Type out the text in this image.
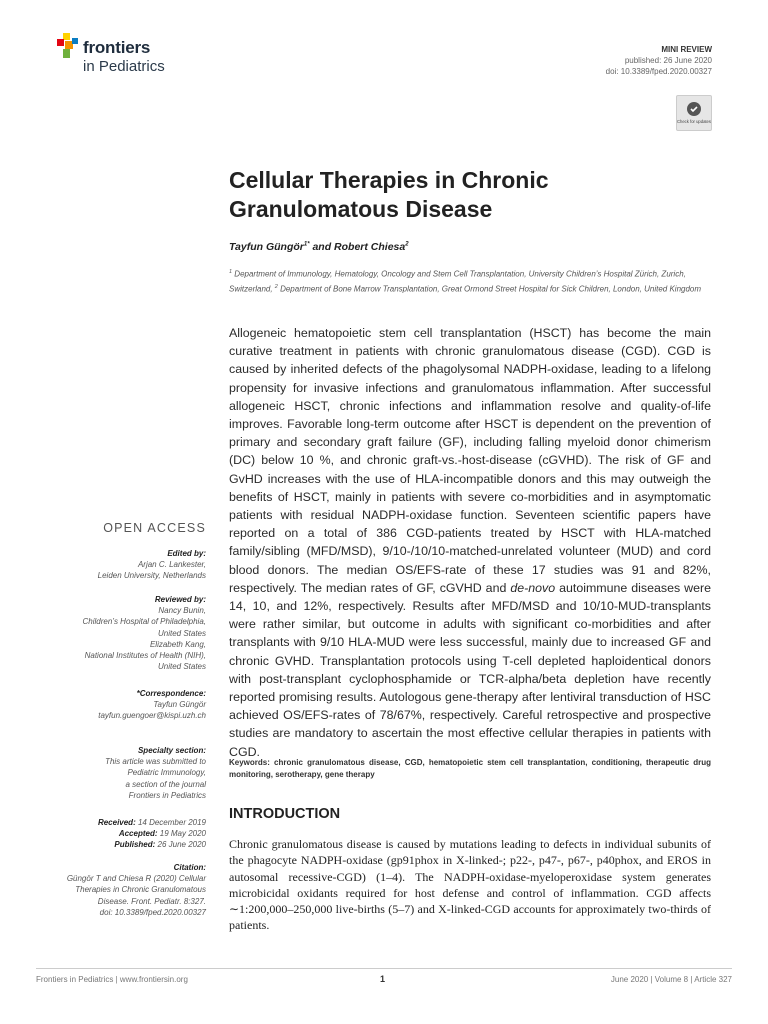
frontiers
in Pediatrics
MINI REVIEW
published: 26 June 2020
doi: 10.3389/fped.2020.00327
Check for updates
Cellular Therapies in Chronic Granulomatous Disease
Tayfun Güngör$^{1*}$ and Robert Chiesa$^2$
$^1$ Department of Immunology, Hematology, Oncology and Stem Cell Transplantation, University Children’s Hospital Zürich, Zurich, Switzerland, $^2$ Department of Bone Marrow Transplantation, Great Ormond Street Hospital for Sick Children, London, United Kingdom
Allogeneic hematopoietic stem cell transplantation (HSCT) has become the main curative treatment in patients with chronic granulomatous disease (CGD). CGD is caused by inherited defects of the phagolysomal NADPH-oxidase, leading to a lifelong propensity for invasive infections and granulomatous inflammation. After successful allogeneic HSCT, chronic infections and inflammation resolve and quality-of-life improves. Favorable long-term outcome after HSCT is dependent on the prevention of primary and secondary graft failure (GF), including falling myeloid donor chimerism (DC) below 10 %, and chronic graft-vs.-host-disease (cGVHD). The risk of GF and GvHD increases with the use of HLA-incompatible donors and this may outweigh the benefits of HSCT, mainly in patients with severe co-morbidities and in asymptomatic patients with residual NADPH-oxidase function. Seventeen scientific papers have reported on a total of 386 CGD-patients treated by HSCT with HLA-matched family/sibling (MFD/MSD), 9/10-/10/10-matched-unrelated volunteer (MUD) and cord blood donors. The median OS/EFS-rate of these 17 studies was 91 and 82%, respectively. The median rates of GF, cGVHD and de-novo autoimmune diseases were 14, 10, and 12%, respectively. Results after MFD/MSD and 10/10-MUD-transplants were rather similar, but outcome in adults with significant co-morbidities and after transplants with 9/10 HLA-MUD were less successful, mainly due to increased GF and chronic GVHD. Transplantation protocols using T-cell depleted haploidentical donors with post-transplant cyclophosphamide or TCR-alpha/beta depletion have recently reported promising results. Autologous gene-therapy after lentiviral transduction of HSC achieved OS/EFS-rates of 78/67%, respectively. Careful retrospective and prospective studies are mandatory to ascertain the most effective cellular therapies in patients with CGD.
Keywords: chronic granulomatous disease, CGD, hematopoietic stem cell transplantation, conditioning, therapeutic drug monitoring, serotherapy, gene therapy
INTRODUCTION
Chronic granulomatous disease is caused by mutations leading to defects in individual subunits of the phagocyte NADPH-oxidase (gp91phox in X-linked-; p22-, p47-, p67-, p40phox, and EROS in autosomal recessive-CGD) (1–4). The NADPH-oxidase-myeloperoxidase system generates microbicidal oxidants required for host defense and control of inflammation. CGD affects ∼1:200,000–250,000 live-births (5–7) and X-linked-CGD accounts for approximately two-thirds of patients.
OPEN ACCESS
Edited by:
Arjan C. Lankester,
Leiden University, Netherlands
Reviewed by:
Nancy Bunin,
Children’s Hospital of Philadelphia,
United States
Elizabeth Kang,
National Institutes of Health (NIH),
United States
*Correspondence:
Tayfun Güngör
tayfun.guengoer@kispi.uzh.ch
Specialty section:
This article was submitted to
Pediatric Immunology,
a section of the journal
Frontiers in Pediatrics
Received: 14 December 2019
Accepted: 19 May 2020
Published: 26 June 2020
Citation:
Güngör T and Chiesa R (2020) Cellular
Therapies in Chronic Granulomatous
Disease. Front. Pediatr. 8:327.
doi: 10.3389/fped.2020.00327
Frontiers in Pediatrics | www.frontiersin.org	1	June 2020 | Volume 8 | Article 327
